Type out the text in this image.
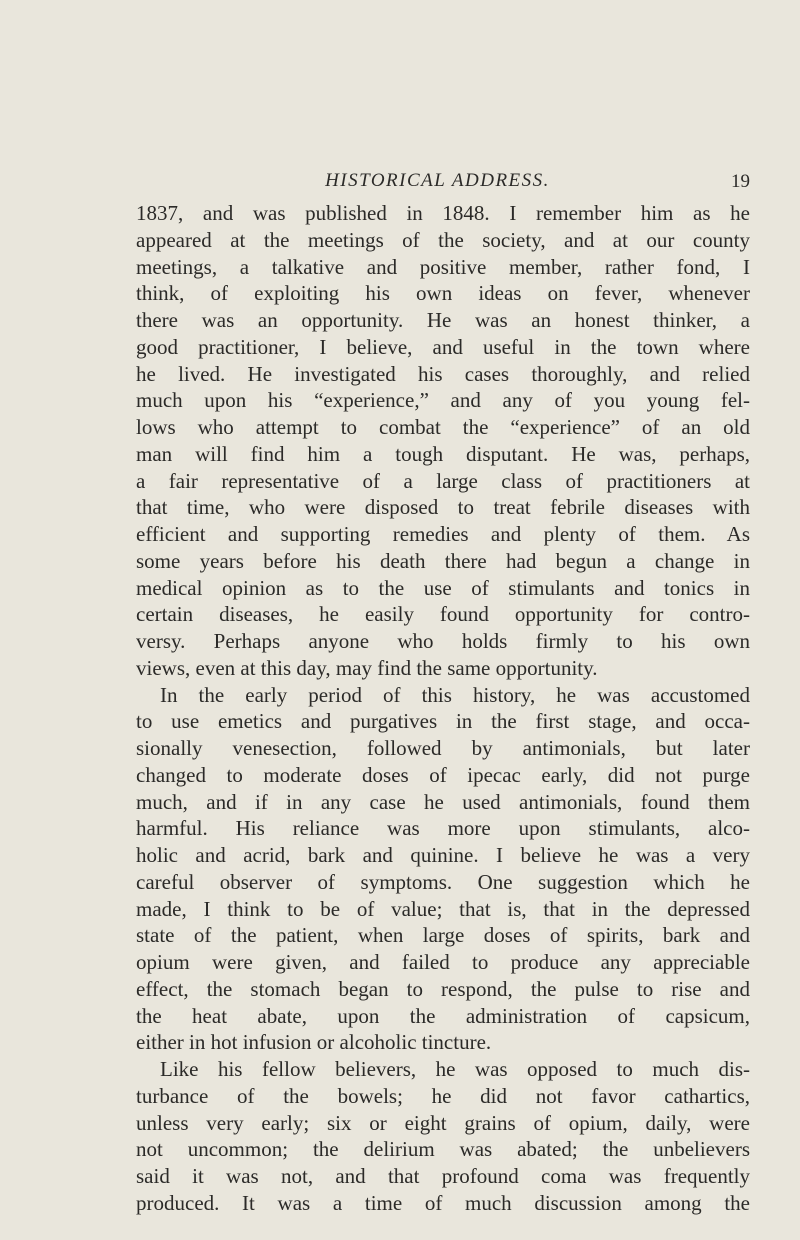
HISTORICAL ADDRESS.	19
1837, and was published in 1848. I remember him as he
appeared at the meetings of the society, and at our county
meetings, a talkative and positive member, rather fond, I
think, of exploiting his own ideas on fever, whenever
there was an opportunity. He was an honest thinker, a
good practitioner, I believe, and useful in the town where
he lived. He investigated his cases thoroughly, and relied
much upon his “experience,” and any of you young fel-
lows who attempt to combat the “experience” of an old
man will find him a tough disputant. He was, perhaps,
a fair representative of a large class of practitioners at
that time, who were disposed to treat febrile diseases with
efficient and supporting remedies and plenty of them. As
some years before his death there had begun a change in
medical opinion as to the use of stimulants and tonics in
certain diseases, he easily found opportunity for contro-
versy. Perhaps anyone who holds firmly to his own
views, even at this day, may find the same opportunity.
In the early period of this history, he was accustomed
to use emetics and purgatives in the first stage, and occa-
sionally venesection, followed by antimonials, but later
changed to moderate doses of ipecac early, did not purge
much, and if in any case he used antimonials, found them
harmful. His reliance was more upon stimulants, alco-
holic and acrid, bark and quinine. I believe he was a very
careful observer of symptoms. One suggestion which he
made, I think to be of value; that is, that in the depressed
state of the patient, when large doses of spirits, bark and
opium were given, and failed to produce any appreciable
effect, the stomach began to respond, the pulse to rise and
the heat abate, upon the administration of capsicum,
either in hot infusion or alcoholic tincture.
Like his fellow believers, he was opposed to much dis-
turbance of the bowels; he did not favor cathartics,
unless very early; six or eight grains of opium, daily, were
not uncommon; the delirium was abated; the unbelievers
said it was not, and that profound coma was frequently
produced. It was a time of much discussion among the
